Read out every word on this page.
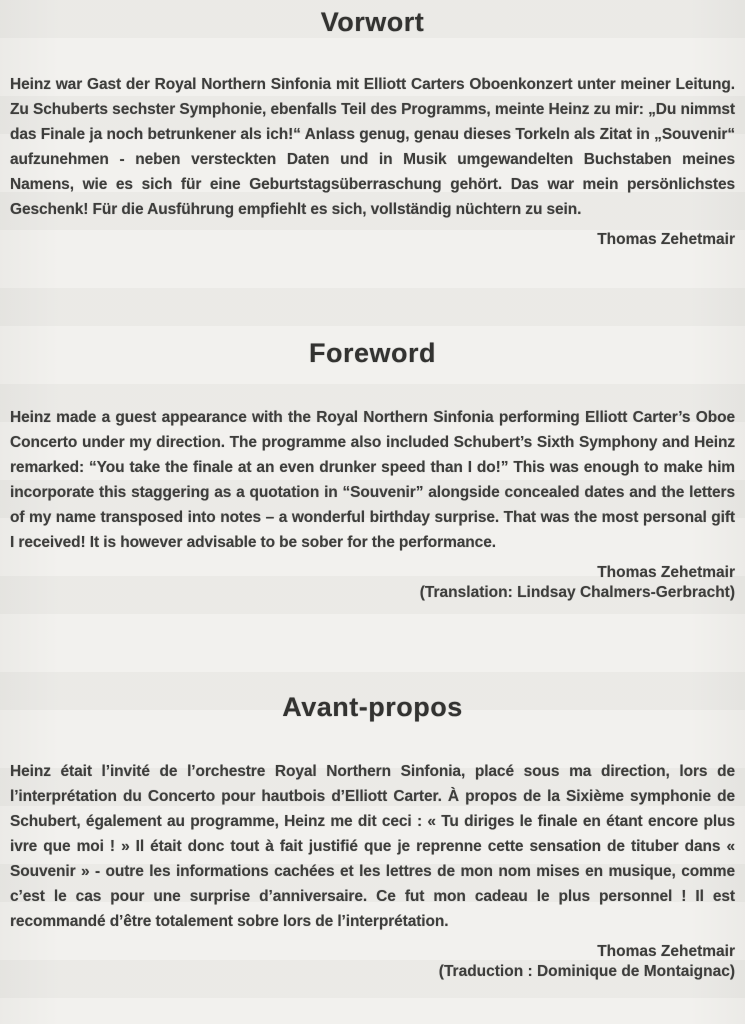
Vorwort

Heinz war Gast der Royal Northern Sinfonia mit Elliott Carters Oboenkonzert unter meiner Leitung. Zu Schuberts sechster Symphonie, ebenfalls Teil des Programms, meinte Heinz zu mir: „Du nimmst das Finale ja noch betrunkener als ich!“ Anlass genug, genau dieses Torkeln als Zitat in „Souvenir“ aufzunehmen - neben versteckten Daten und in Musik umgewandelten Buchstaben meines Namens, wie es sich für eine Geburtstagsüberraschung gehört. Das war mein persönlichstes Geschenk! Für die Ausführung empfiehlt es sich, vollständig nüchtern zu sein.

Thomas Zehetmair
Foreword

Heinz made a guest appearance with the Royal Northern Sinfonia performing Elliott Carter’s Oboe Concerto under my direction. The programme also included Schubert’s Sixth Symphony and Heinz remarked: “You take the finale at an even drunker speed than I do!” This was enough to make him incorporate this staggering as a quotation in “Souvenir” alongside concealed dates and the letters of my name transposed into notes – a wonderful birthday surprise. That was the most personal gift I received! It is however advisable to be sober for the performance.

Thomas Zehetmair
(Translation: Lindsay Chalmers-Gerbracht)
Avant-propos

Heinz était l’invité de l’orchestre Royal Northern Sinfonia, placé sous ma direction, lors de l’interprétation du Concerto pour hautbois d’Elliott Carter. À propos de la Sixième symphonie de Schubert, également au programme, Heinz me dit ceci : « Tu diriges le finale en étant encore plus ivre que moi ! » Il était donc tout à fait justifié que je reprenne cette sensation de tituber dans « Souvenir » - outre les informations cachées et les lettres de mon nom mises en musique, comme c’est le cas pour une surprise d’anniversaire. Ce fut mon cadeau le plus personnel ! Il est recommandé d’être totalement sobre lors de l’interprétation.

Thomas Zehetmair
(Traduction : Dominique de Montaignac)
